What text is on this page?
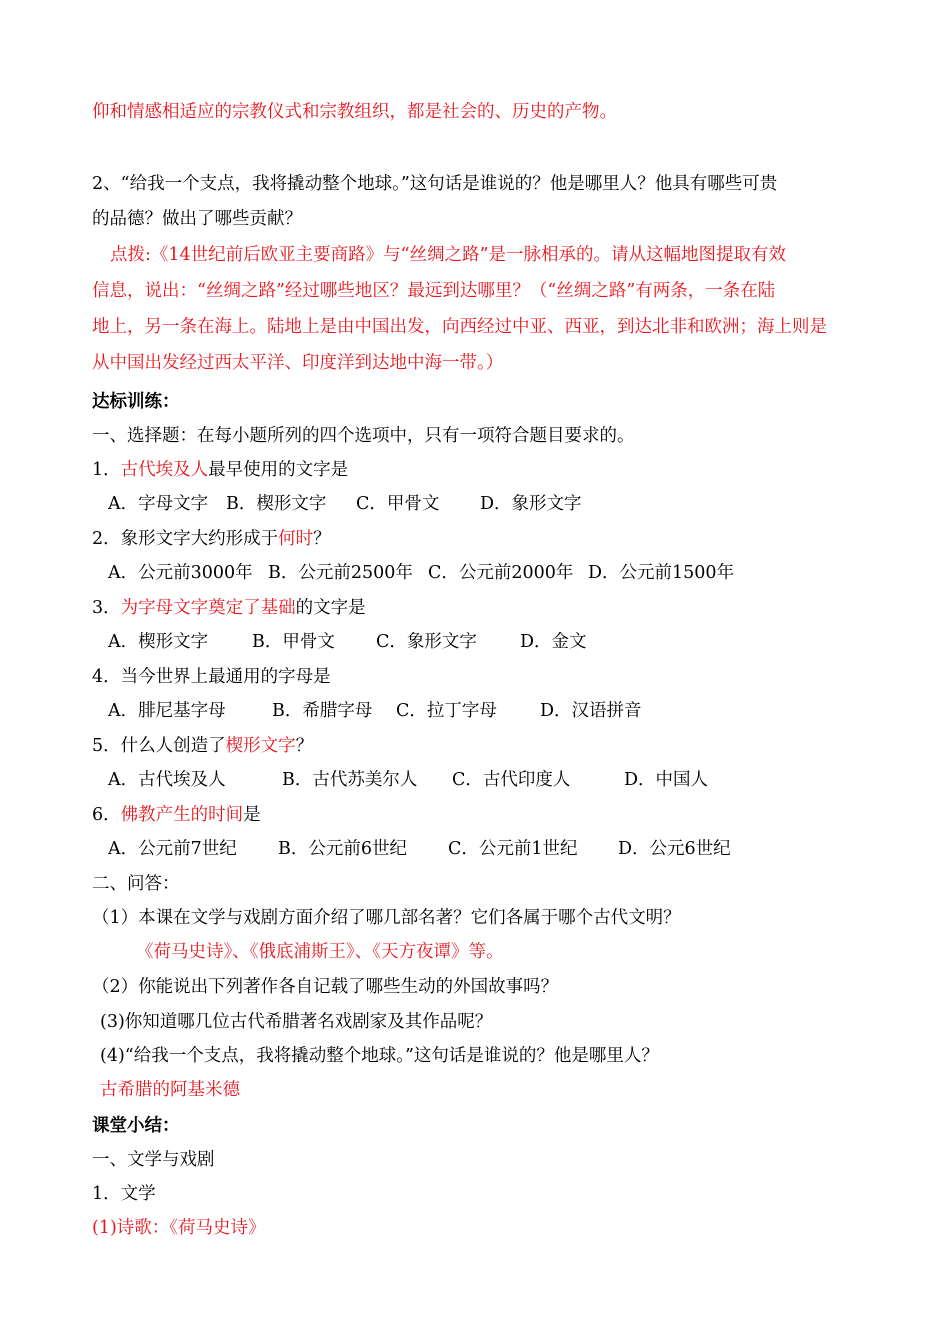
仰和情感相适应的宗教仪式和宗教组织，都是社会的、历史的产物。
2、“给我一个支点，我将撬动整个地球。”这句话是谁说的？他是哪里人？他具有哪些可贵
的品德？做出了哪些贡献？
点拨:《14世纪前后欧亚主要商路》与“丝绸之路”是一脉相承的。请从这幅地图提取有效
信息，说出：“丝绸之路”经过哪些地区？最远到达哪里？（“丝绸之路”有两条，一条在陆
地上，另一条在海上。陆地上是由中国出发，向西经过中亚、西亚，到达北非和欧洲；海上则是
从中国出发经过西太平洋、印度洋到达地中海一带。）
达标训练：
一、选择题：在每小题所列的四个选项中，只有一项符合题目要求的。
1．古代埃及人最早使用的文字是
A．字母文字 B．楔形文字 C．甲骨文 D．象形文字
2．象形文字大约形成于何时？
A．公元前3000年 B．公元前2500年 C．公元前2000年 D．公元前1500年
3．为字母文字奠定了基础的文字是
A．楔形文字	B．甲骨文 C．象形文字 D．金文
4．当今世界上最通用的字母是
A．腓尼基字母	B．希腊字母 C．拉丁字母 D．汉语拼音
5．什么人创造了楔形文字？
A．古代埃及人	B．古代苏美尔人 C．古代印度人	D．中国人
6．佛教产生的时间是
A．公元前7世纪 B．公元前6世纪 C．公元前1世纪 D．公元6世纪
二、问答：
（1）本课在文学与戏剧方面介绍了哪几部名著？它们各属于哪个古代文明？
《荷马史诗》、《俄底浦斯王》、《天方夜谭》等。
（2）你能说出下列著作各自记载了哪些生动的外国故事吗？
(3)你知道哪几位古代希腊著名戏剧家及其作品呢？
(4)“给我一个支点，我将撬动整个地球。”这句话是谁说的？他是哪里人？
古希腊的阿基米德
课堂小结：
一、文学与戏剧
1．文学
(1)诗歌：《荷马史诗》
